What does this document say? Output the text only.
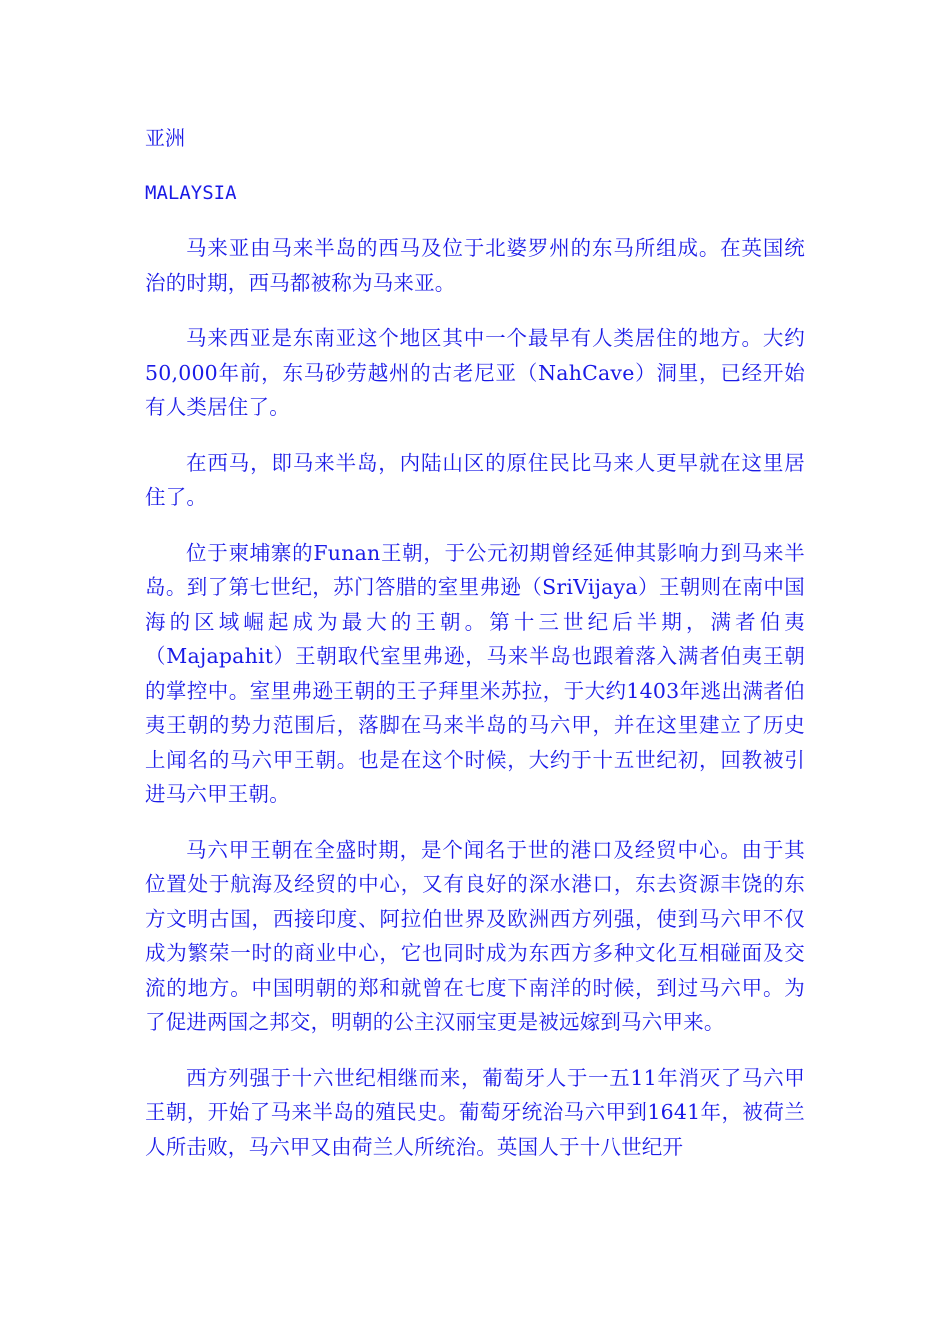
亚洲
MALAYSIA

马来亚由马来半岛的西马及位于北婆罗州的东马所组成。在英国统治的时期，西马都被称为马来亚。

马来西亚是东南亚这个地区其中一个最早有人类居住的地方。大约50,000年前，东马砂劳越州的古老尼亚（NahCave）洞里，已经开始有人类居住了。

在西马，即马来半岛，内陆山区的原住民比马来人更早就在这里居住了。

位于柬埔寨的Funan王朝，于公元初期曾经延伸其影响力到马来半岛。到了第七世纪，苏门答腊的室里弗逊（SriVijaya）王朝则在南中国海的区域崛起成为最大的王朝。第十三世纪后半期，满者伯夷（Majapahit）王朝取代室里弗逊，马来半岛也跟着落入满者伯夷王朝的掌控中。室里弗逊王朝的王子拜里米苏拉，于大约1403年逃出满者伯夷王朝的势力范围后，落脚在马来半岛的马六甲，并在这里建立了历史上闻名的马六甲王朝。也是在这个时候，大约于十五世纪初，回教被引进马六甲王朝。

马六甲王朝在全盛时期，是个闻名于世的港口及经贸中心。由于其位置处于航海及经贸的中心，又有良好的深水港口，东去资源丰饶的东方文明古国，西接印度、阿拉伯世界及欧洲西方列强，使到马六甲不仅成为繁荣一时的商业中心，它也同时成为东西方多种文化互相碰面及交流的地方。中国明朝的郑和就曾在七度下南洋的时候，到过马六甲。为了促进两国之邦交，明朝的公主汉丽宝更是被远嫁到马六甲来。

西方列强于十六世纪相继而来，葡萄牙人于一五11年消灭了马六甲王朝，开始了马来半岛的殖民史。葡萄牙统治马六甲到1641年，被荷兰人所击败，马六甲又由荷兰人所统治。英国人于十八世纪开
